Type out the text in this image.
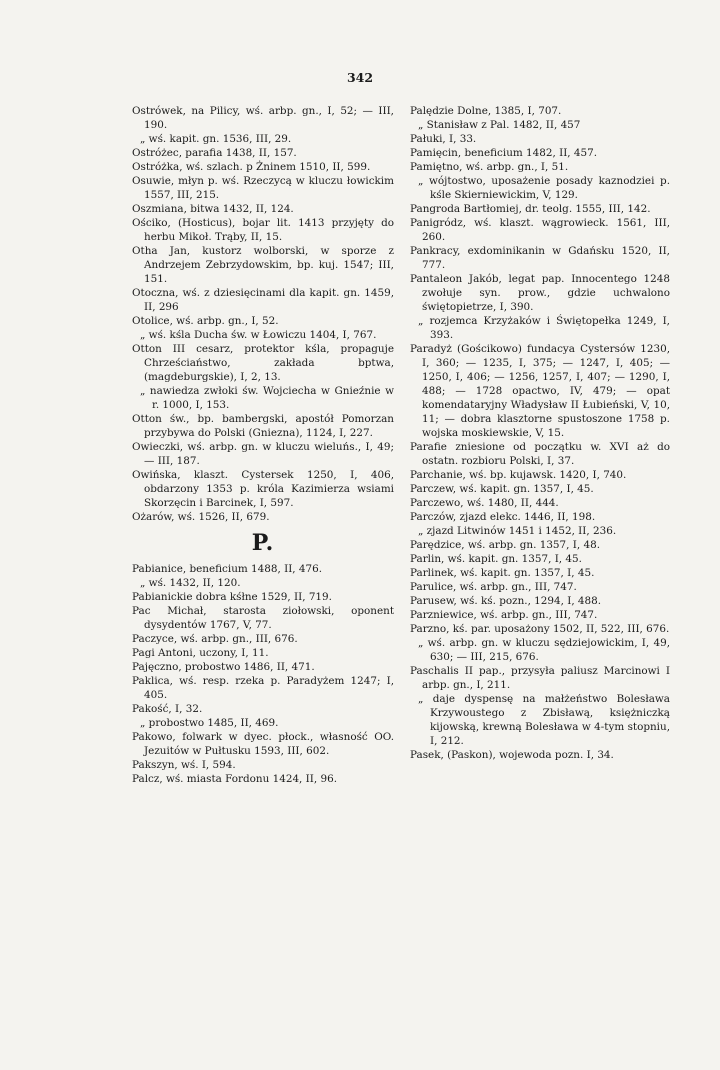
342
Ostrówek, na Pilicy, wś. arbp. gn., I, 52; — III, 190.
„ wś. kapit. gn. 1536, III, 29.
Ostróżec, parafia 1438, II, 157.
Ostróżka, wś. szlach. p Żninem 1510, II, 599.
Osuwie, młyn p. wś. Rzeczycą w kluczu łowickim 1557, III, 215.
Oszmiana, bitwa 1432, II, 124.
Ościko, (Hosticus), bojar lit. 1413 przyjęty do herbu Mikoł. Trąby, II, 15.
Otha Jan, kustorz wolborski, w sporze z Andrzejem Zebrzydowskim, bp. kuj. 1547; III, 151.
Otoczna, wś. z dziesięcinami dla kapit. gn. 1459, II, 296
Otolice, wś. arbp. gn., I, 52.
„ wś. kśla Ducha św. w Łowiczu 1404, I, 767.
Otton III cesarz, protektor kśla, propaguje Chrześciaństwo, zakłada bptwa, (magdeburgskie), I, 2, 13.
„ nawiedza zwłoki św. Wojciecha w Gnieźnie w r. 1000, I, 153.
Otton św., bp. bambergski, apostół Pomorzan przybywa do Polski (Gniezna), 1124, I, 227.
Owieczki, wś. arbp. gn. w kluczu wieluńs., I, 49; — III, 187.
Owińska, klaszt. Cystersek 1250, I, 406, obdarzony 1353 p. króla Kazimierza wsiami Skorzęcin i Barcinek, I, 597.
Ożarów, wś. 1526, II, 679.
P.
Pabianice, beneficium 1488, II, 476.
„ wś. 1432, II, 120.
Pabianickie dobra kśłne 1529, II, 719.
Pac Michał, starosta ziołowski, oponent dysydentów 1767, V, 77.
Paczyce, wś. arbp. gn., III, 676.
Pagi Antoni, uczony, I, 11.
Pajęczno, probostwo 1486, II, 471.
Paklica, wś. resp. rzeka p. Paradyżem 1247; I, 405.
Pakość, I, 32.
„ probostwo 1485, II, 469.
Pakowo, folwark w dyec. płock., własność OO. Jezuitów w Pułtusku 1593, III, 602.
Pakszyn, wś. I, 594.
Palcz, wś. miasta Fordonu 1424, II, 96.
Palędzie Dolne, 1385, I, 707.
„ Stanisław z Pal. 1482, II, 457
Pałuki, I, 33.
Pamięcin, beneficium 1482, II, 457.
Pamiętno, wś. arbp. gn., I, 51.
„ wójtostwo, uposażenie posady kaznodziei p. kśle Skierniewickim, V, 129.
Pangroda Bartłomiej, dr. teolg. 1555, III, 142.
Panigródz, wś. klaszt. wągrowieck. 1561, III, 260.
Pankracy, exdominikanin w Gdańsku 1520, II, 777.
Pantaleon Jakób, legat pap. Innocentego 1248 zwołuje syn. prow., gdzie uchwalono świętopietrze, I, 390.
„ rozjemca Krzyżaków i Świętopełka 1249, I, 393.
Paradyż (Gościkowo) fundacya Cystersów 1230, I, 360; — 1235, I, 375; — 1247, I, 405; — 1250, I, 406; — 1256, 1257, I, 407; — 1290, I, 488; — 1728 opactwo, IV, 479; — opat komendataryjny Władysław II Łubieński, V, 10, 11; — dobra klasztorne spustoszone 1758 p. wojska moskiewskie, V, 15.
Parafie zniesione od początku w. XVI aż do ostatn. rozbioru Polski, I, 37.
Parchanie, wś. bp. kujawsk. 1420, I, 740.
Parczew, wś. kapit. gn. 1357, I, 45.
Parczewo, wś. 1480, II, 444.
Parczów, zjazd elekc. 1446, II, 198.
„ zjazd Litwinów 1451 i 1452, II, 236.
Parędzice, wś. arbp. gn. 1357, I, 48.
Parlin, wś. kapit. gn. 1357, I, 45.
Parlinek, wś. kapit. gn. 1357, I, 45.
Parulice, wś. arbp. gn., III, 747.
Parusew, wś. kś. pozn., 1294, I, 488.
Parzniewice, wś. arbp. gn., III, 747.
Parzno, kś. par. uposażony 1502, II, 522, III, 676.
„ wś. arbp. gn. w kluczu sędziejowickim, I, 49, 630; — III, 215, 676.
Paschalis II pap., przysyła paliusz Marcinowi I arbp. gn., I, 211.
„ daje dyspensę na małżeństwo Bolesława Krzywoustego z Zbisławą, księżniczką kijowską, krewną Bolesława w 4-tym stopniu, I, 212.
Pasek, (Paskon), wojewoda pozn. I, 34.
